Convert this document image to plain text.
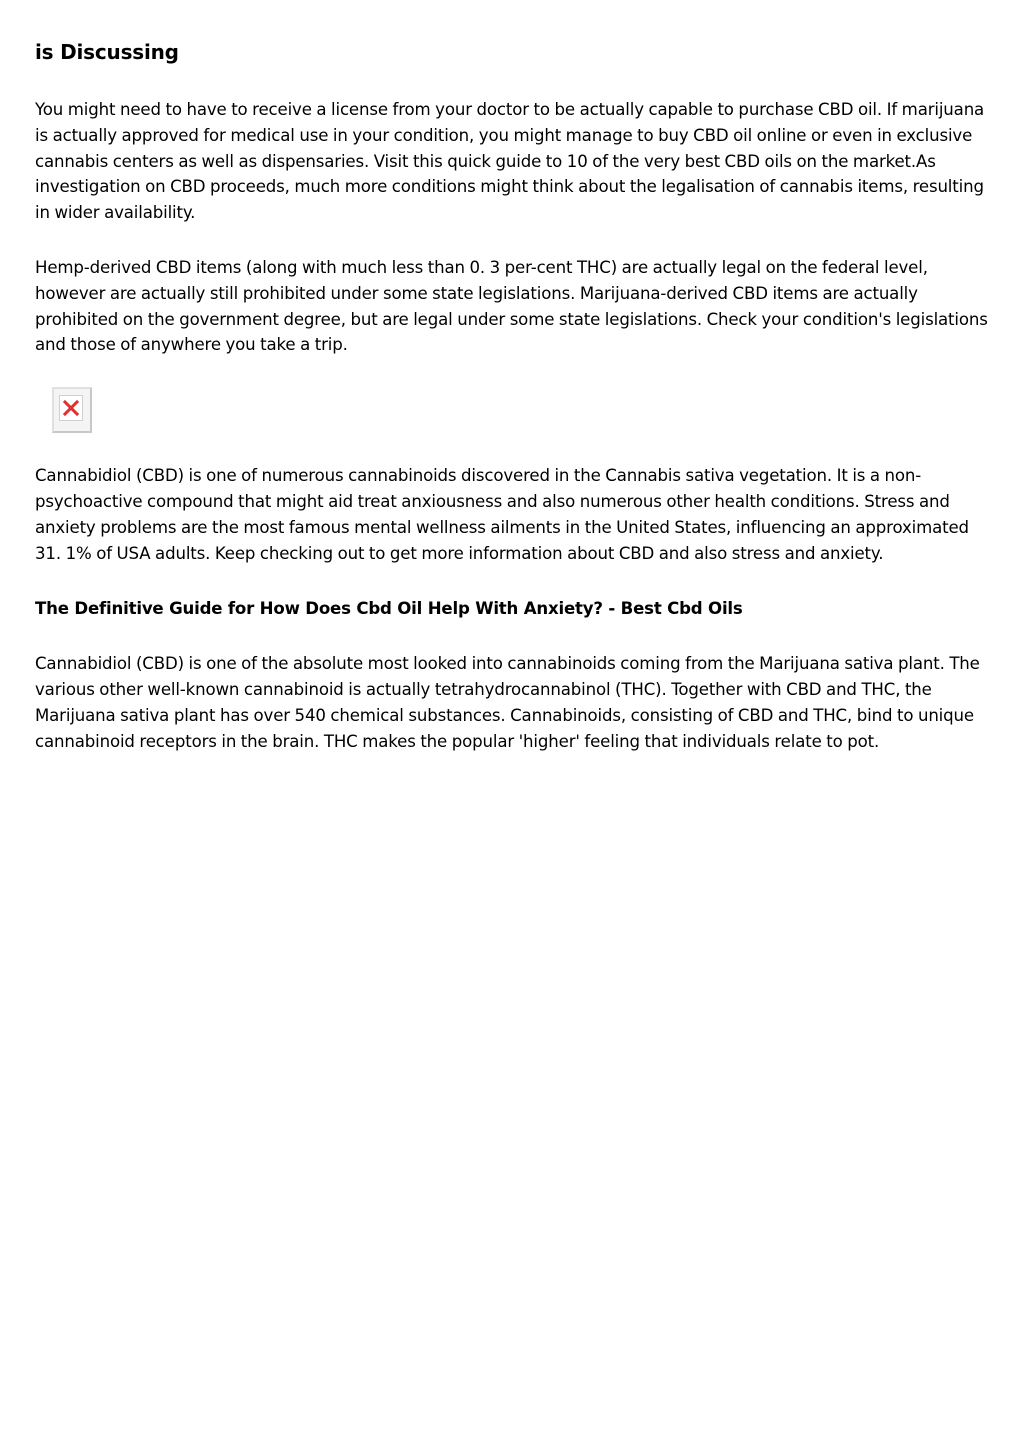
is Discussing

You might need to have to receive a license from your doctor to be actually capable to purchase CBD oil. If marijuana is actually approved for medical use in your condition, you might manage to buy CBD oil online or even in exclusive cannabis centers as well as dispensaries. Visit this quick guide to 10 of the very best CBD oils on the market.As investigation on CBD proceeds, much more conditions might think about the legalisation of cannabis items, resulting in wider availability.

Hemp-derived CBD items (along with much less than 0. 3 per-cent THC) are actually legal on the federal level, however are actually still prohibited under some state legislations. Marijuana-derived CBD items are actually prohibited on the government degree, but are legal under some state legislations. Check your condition's legislations and those of anywhere you take a trip.

Cannabidiol (CBD) is one of numerous cannabinoids discovered in the Cannabis sativa vegetation. It is a non-psychoactive compound that might aid treat anxiousness and also numerous other health conditions. Stress and anxiety problems are the most famous mental wellness ailments in the United States, influencing an approximated 31. 1% of USA adults. Keep checking out to get more information about CBD and also stress and anxiety.

The Definitive Guide for How Does Cbd Oil Help With Anxiety? - Best Cbd Oils

Cannabidiol (CBD) is one of the absolute most looked into cannabinoids coming from the Marijuana sativa plant. The various other well-known cannabinoid is actually tetrahydrocannabinol (THC). Together with CBD and THC, the Marijuana sativa plant has over 540 chemical substances. Cannabinoids, consisting of CBD and THC, bind to unique cannabinoid receptors in the brain. THC makes the popular 'higher' feeling that individuals relate to pot.
